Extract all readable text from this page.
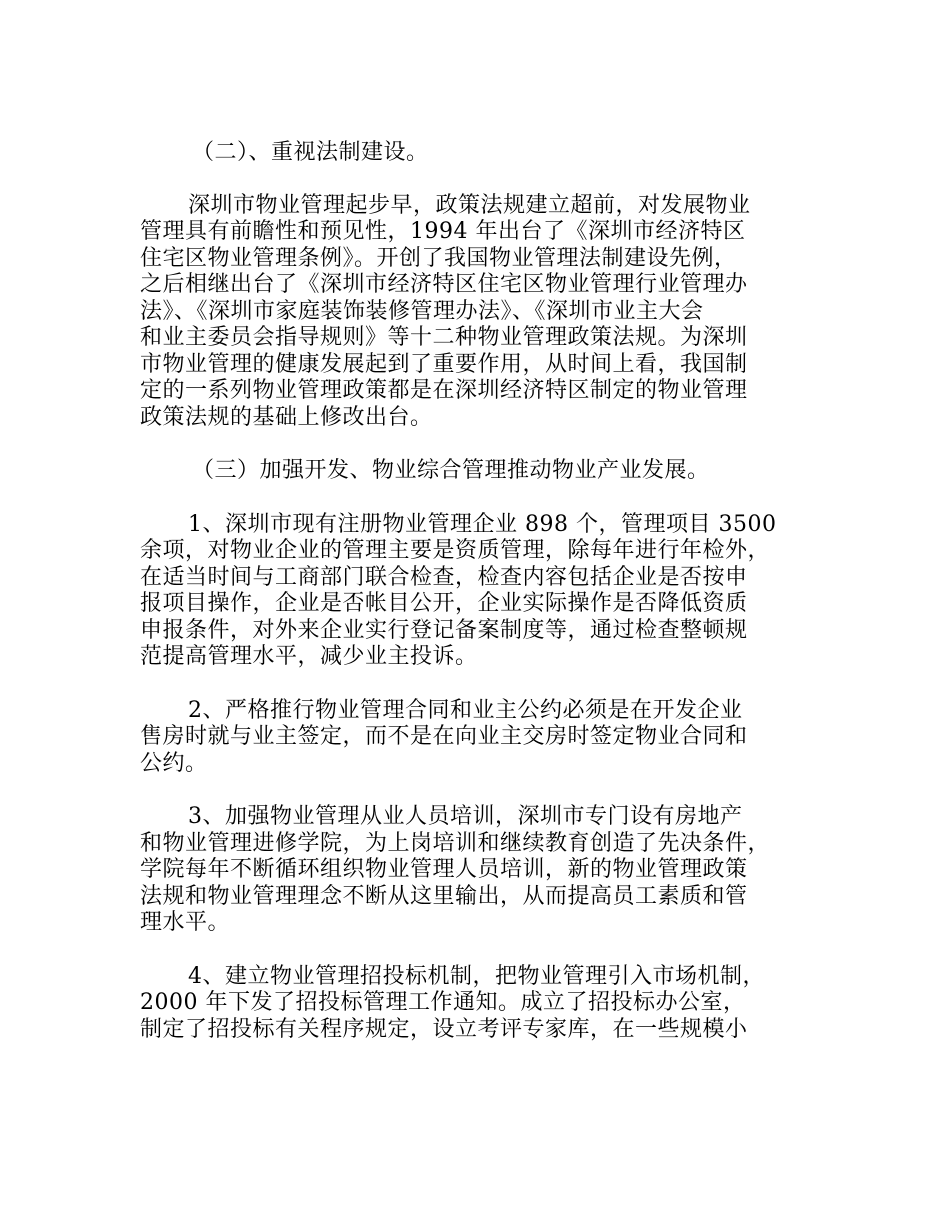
（二）、重视法制建设。

深圳市物业管理起步早，政策法规建立超前，对发展物业
管理具有前瞻性和预见性，1994 年出台了《深圳市经济特区
住宅区物业管理条例》。开创了我国物业管理法制建设先例，
之后相继出台了《深圳市经济特区住宅区物业管理行业管理办
法》、《深圳市家庭装饰装修管理办法》、《深圳市业主大会
和业主委员会指导规则》等十二种物业管理政策法规。为深圳
市物业管理的健康发展起到了重要作用，从时间上看，我国制
定的一系列物业管理政策都是在深圳经济特区制定的物业管理
政策法规的基础上修改出台。

（三）加强开发、物业综合管理推动物业产业发展。

1、深圳市现有注册物业管理企业 898 个，管理项目 3500
余项，对物业企业的管理主要是资质管理，除每年进行年检外，
在适当时间与工商部门联合检查，检查内容包括企业是否按申
报项目操作，企业是否帐目公开，企业实际操作是否降低资质
申报条件，对外来企业实行登记备案制度等，通过检查整顿规
范提高管理水平，减少业主投诉。
2、严格推行物业管理合同和业主公约必须是在开发企业
售房时就与业主签定，而不是在向业主交房时签定物业合同和
公约。
3、加强物业管理从业人员培训，深圳市专门设有房地产
和物业管理进修学院，为上岗培训和继续教育创造了先决条件，
学院每年不断循环组织物业管理人员培训，新的物业管理政策
法规和物业管理理念不断从这里输出，从而提高员工素质和管
理水平。
4、建立物业管理招投标机制，把物业管理引入市场机制，
2000 年下发了招投标管理工作通知。成立了招投标办公室，
制定了招投标有关程序规定，设立考评专家库，在一些规模小
